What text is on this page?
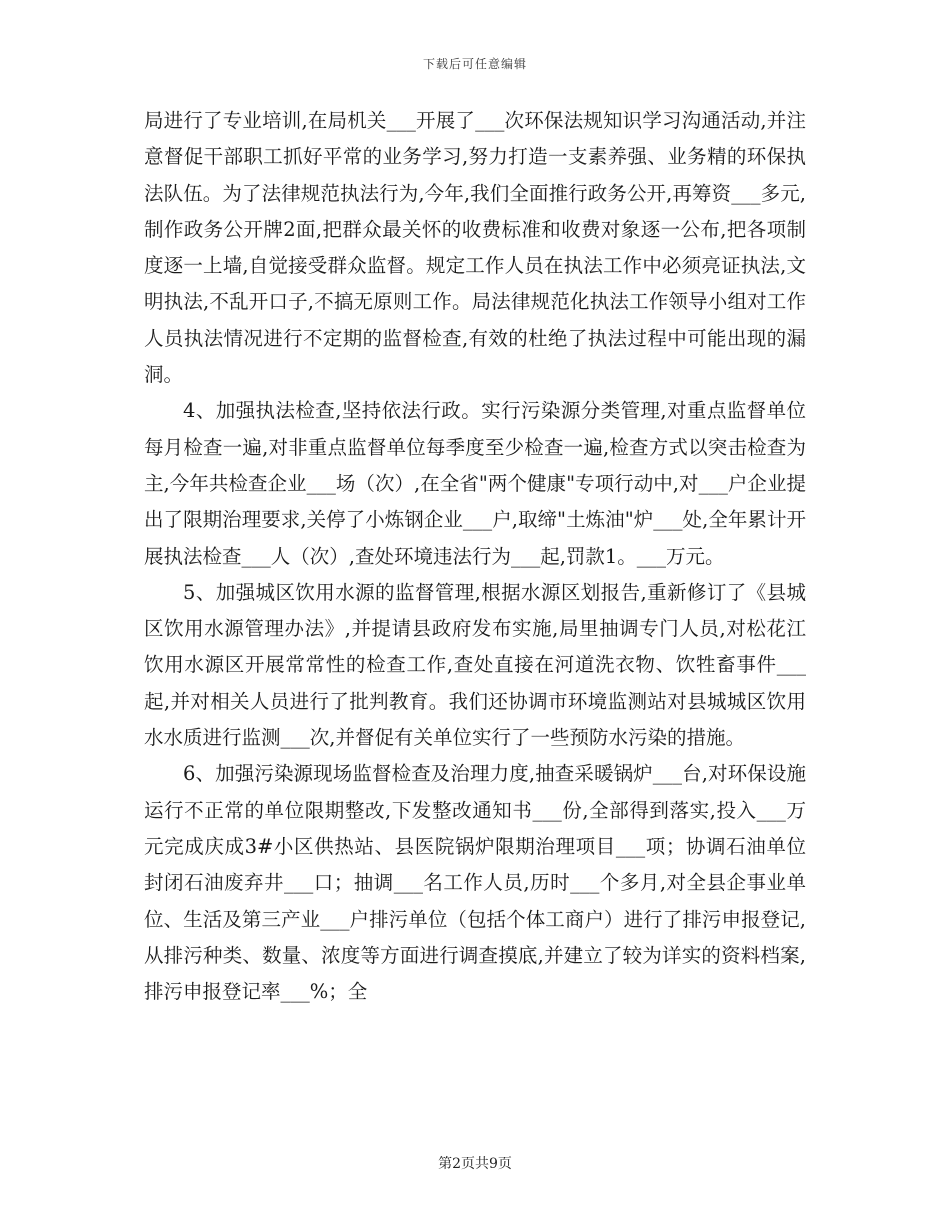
下载后可任意编辑

局进行了专业培训,在局机关___开展了___次环保法规知识学习沟通活动,并注意督促干部职工抓好平常的业务学习,努力打造一支素养强、业务精的环保执法队伍。为了法律规范执法行为,今年,我们全面推行政务公开,再筹资___多元,制作政务公开牌2面,把群众最关怀的收费标准和收费对象逐一公布,把各项制度逐一上墙,自觉接受群众监督。规定工作人员在执法工作中必须亮证执法,文明执法,不乱开口子,不搞无原则工作。局法律规范化执法工作领导小组对工作人员执法情况进行不定期的监督检查,有效的杜绝了执法过程中可能出现的漏洞。

4、加强执法检查,坚持依法行政。实行污染源分类管理,对重点监督单位每月检查一遍,对非重点监督单位每季度至少检查一遍,检查方式以突击检查为主,今年共检查企业___场（次）,在全省"两个健康"专项行动中,对___户企业提出了限期治理要求,关停了小炼钢企业___户,取缔"土炼油"炉___处,全年累计开展执法检查___人（次）,查处环境违法行为___起,罚款1。___万元。

5、加强城区饮用水源的监督管理,根据水源区划报告,重新修订了《县城区饮用水源管理办法》,并提请县政府发布实施,局里抽调专门人员,对松花江饮用水源区开展常常性的检查工作,查处直接在河道洗衣物、饮牲畜事件___起,并对相关人员进行了批判教育。我们还协调市环境监测站对县城城区饮用水水质进行监测___次,并督促有关单位实行了一些预防水污染的措施。

6、加强污染源现场监督检查及治理力度,抽查采暖锅炉___台,对环保设施运行不正常的单位限期整改,下发整改通知书___份,全部得到落实,投入___万元完成庆成3#小区供热站、县医院锅炉限期治理项目___项；协调石油单位封闭石油废弃井___口；抽调___名工作人员,历时___个多月,对全县企事业单位、生活及第三产业___户排污单位（包括个体工商户）进行了排污申报登记,从排污种类、数量、浓度等方面进行调查摸底,并建立了较为详实的资料档案,排污申报登记率___%；全

第2页共9页
